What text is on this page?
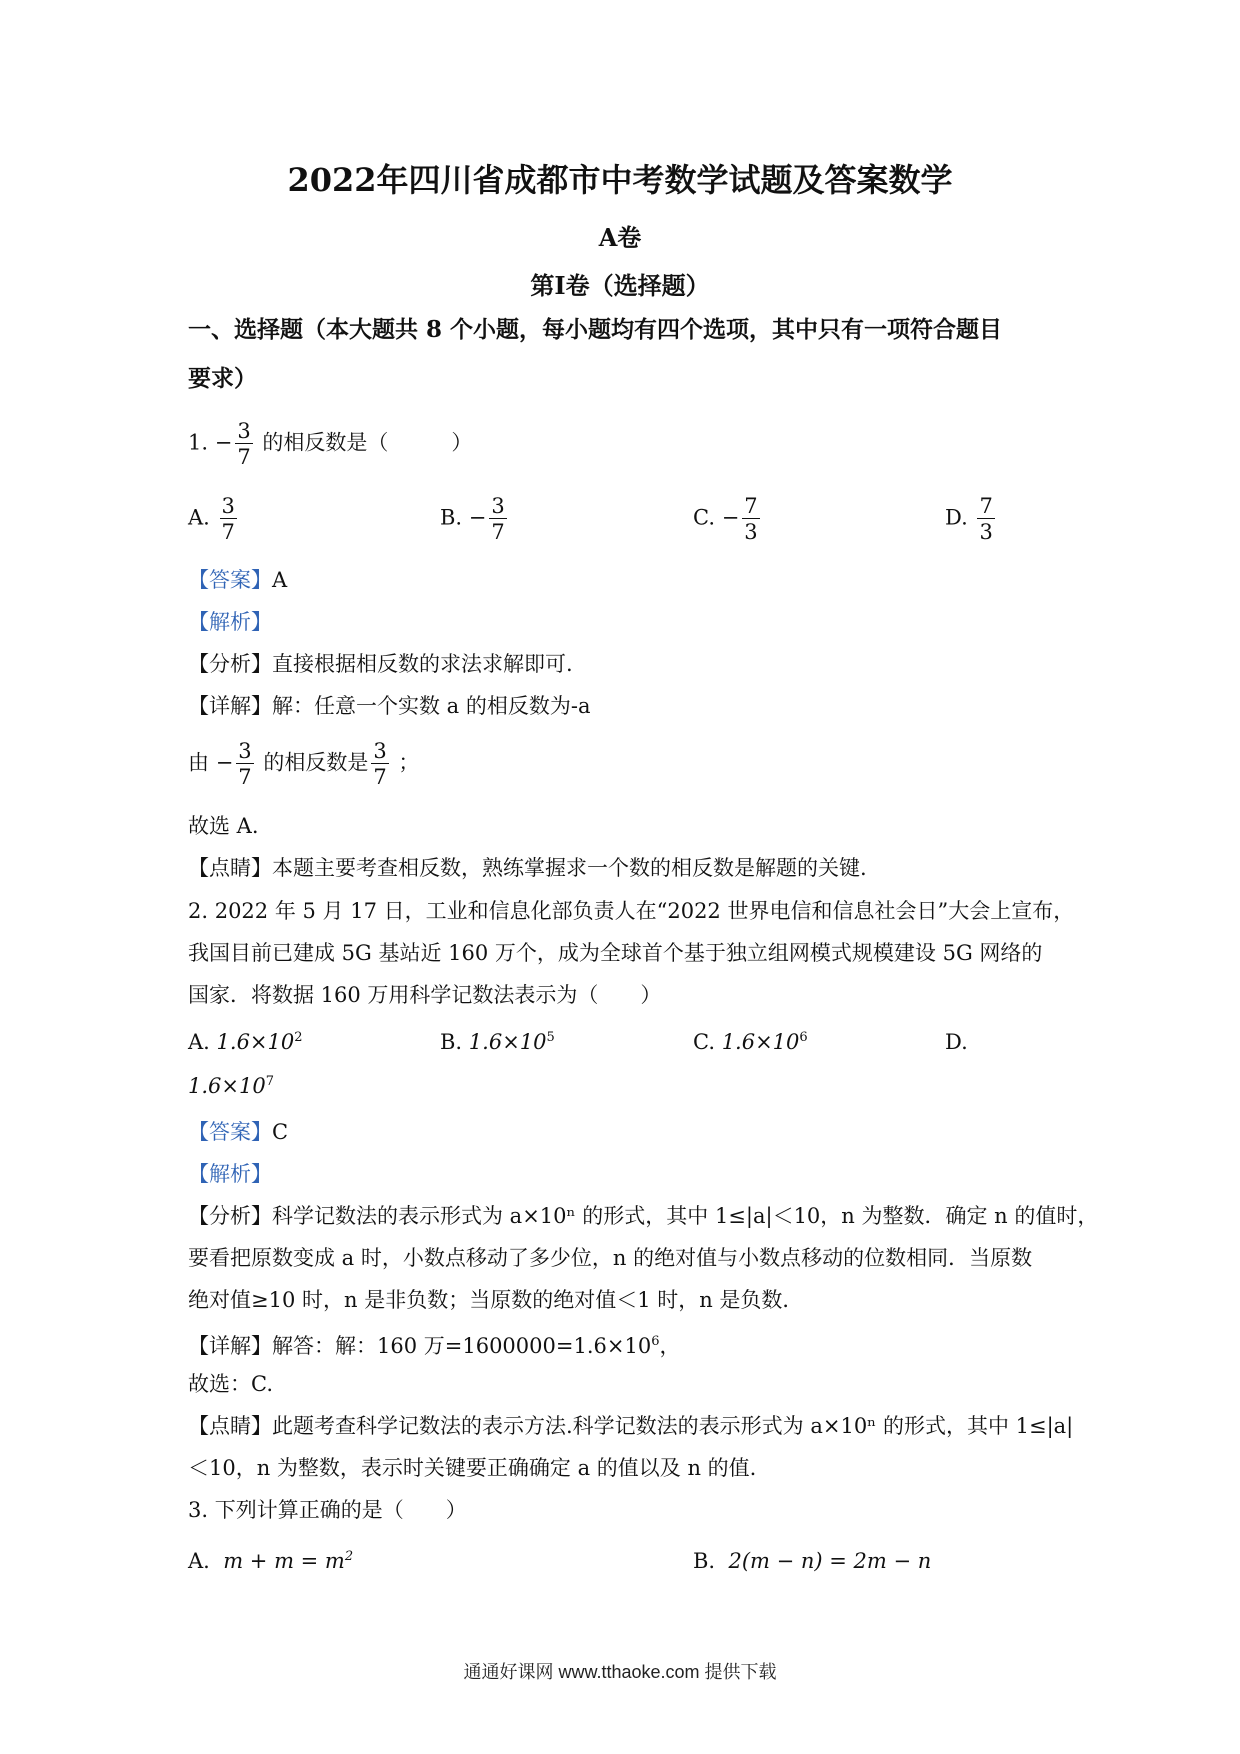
2022年四川省成都市中考数学试题及答案数学
A卷
第Ⅰ卷（选择题）
一、选择题（本大题共 8 个小题，每小题均有四个选项，其中只有一项符合题目
要求）
1. − $\frac{3}{7}$ 的相反数是（　　　）
A. $\frac{3}{7}$	B. − $\frac{3}{7}$	C. − $\frac{7}{3}$	D. $\frac{7}{3}$
【答案】A
【解析】
【分析】直接根据相反数的求法求解即可.
【详解】解：任意一个实数 a 的相反数为-a
由 − $\frac{3}{7}$ 的相反数是 $\frac{3}{7}$ ；
故选 A.
【点睛】本题主要考查相反数，熟练掌握求一个数的相反数是解题的关键.
2. 2022 年 5 月 17 日，工业和信息化部负责人在“2022 世界电信和信息社会日”大会上宣布，
我国目前已建成 5G 基站近 160 万个，成为全球首个基于独立组网模式规模建设 5G 网络的
国家．将数据 160 万用科学记数法表示为（　　）
A. $1.6\times 10^2$	B. $1.6\times 10^5$	C. $1.6\times 10^6$	D.
$1.6\times 10^7$
【答案】C
【解析】
【分析】科学记数法的表示形式为 a×10ⁿ 的形式，其中 1≤|a|＜10，n 为整数．确定 n 的值时，
要看把原数变成 a 时，小数点移动了多少位，n 的绝对值与小数点移动的位数相同．当原数
绝对值≥10 时，n 是非负数；当原数的绝对值＜1 时，n 是负数．
【详解】解答：解：160 万$=1600000=1.6\times 10^6$，
故选：C.
【点睛】此题考查科学记数法的表示方法.科学记数法的表示形式为 a×10ⁿ 的形式，其中 1≤|a|
＜10，n 为整数，表示时关键要正确确定 a 的值以及 n 的值.
3. 下列计算正确的是（　　）
A. $m + m = m^2$	B. 2(m − n) = 2m − n
通通好课网 www.tthaoke.com 提供下载
